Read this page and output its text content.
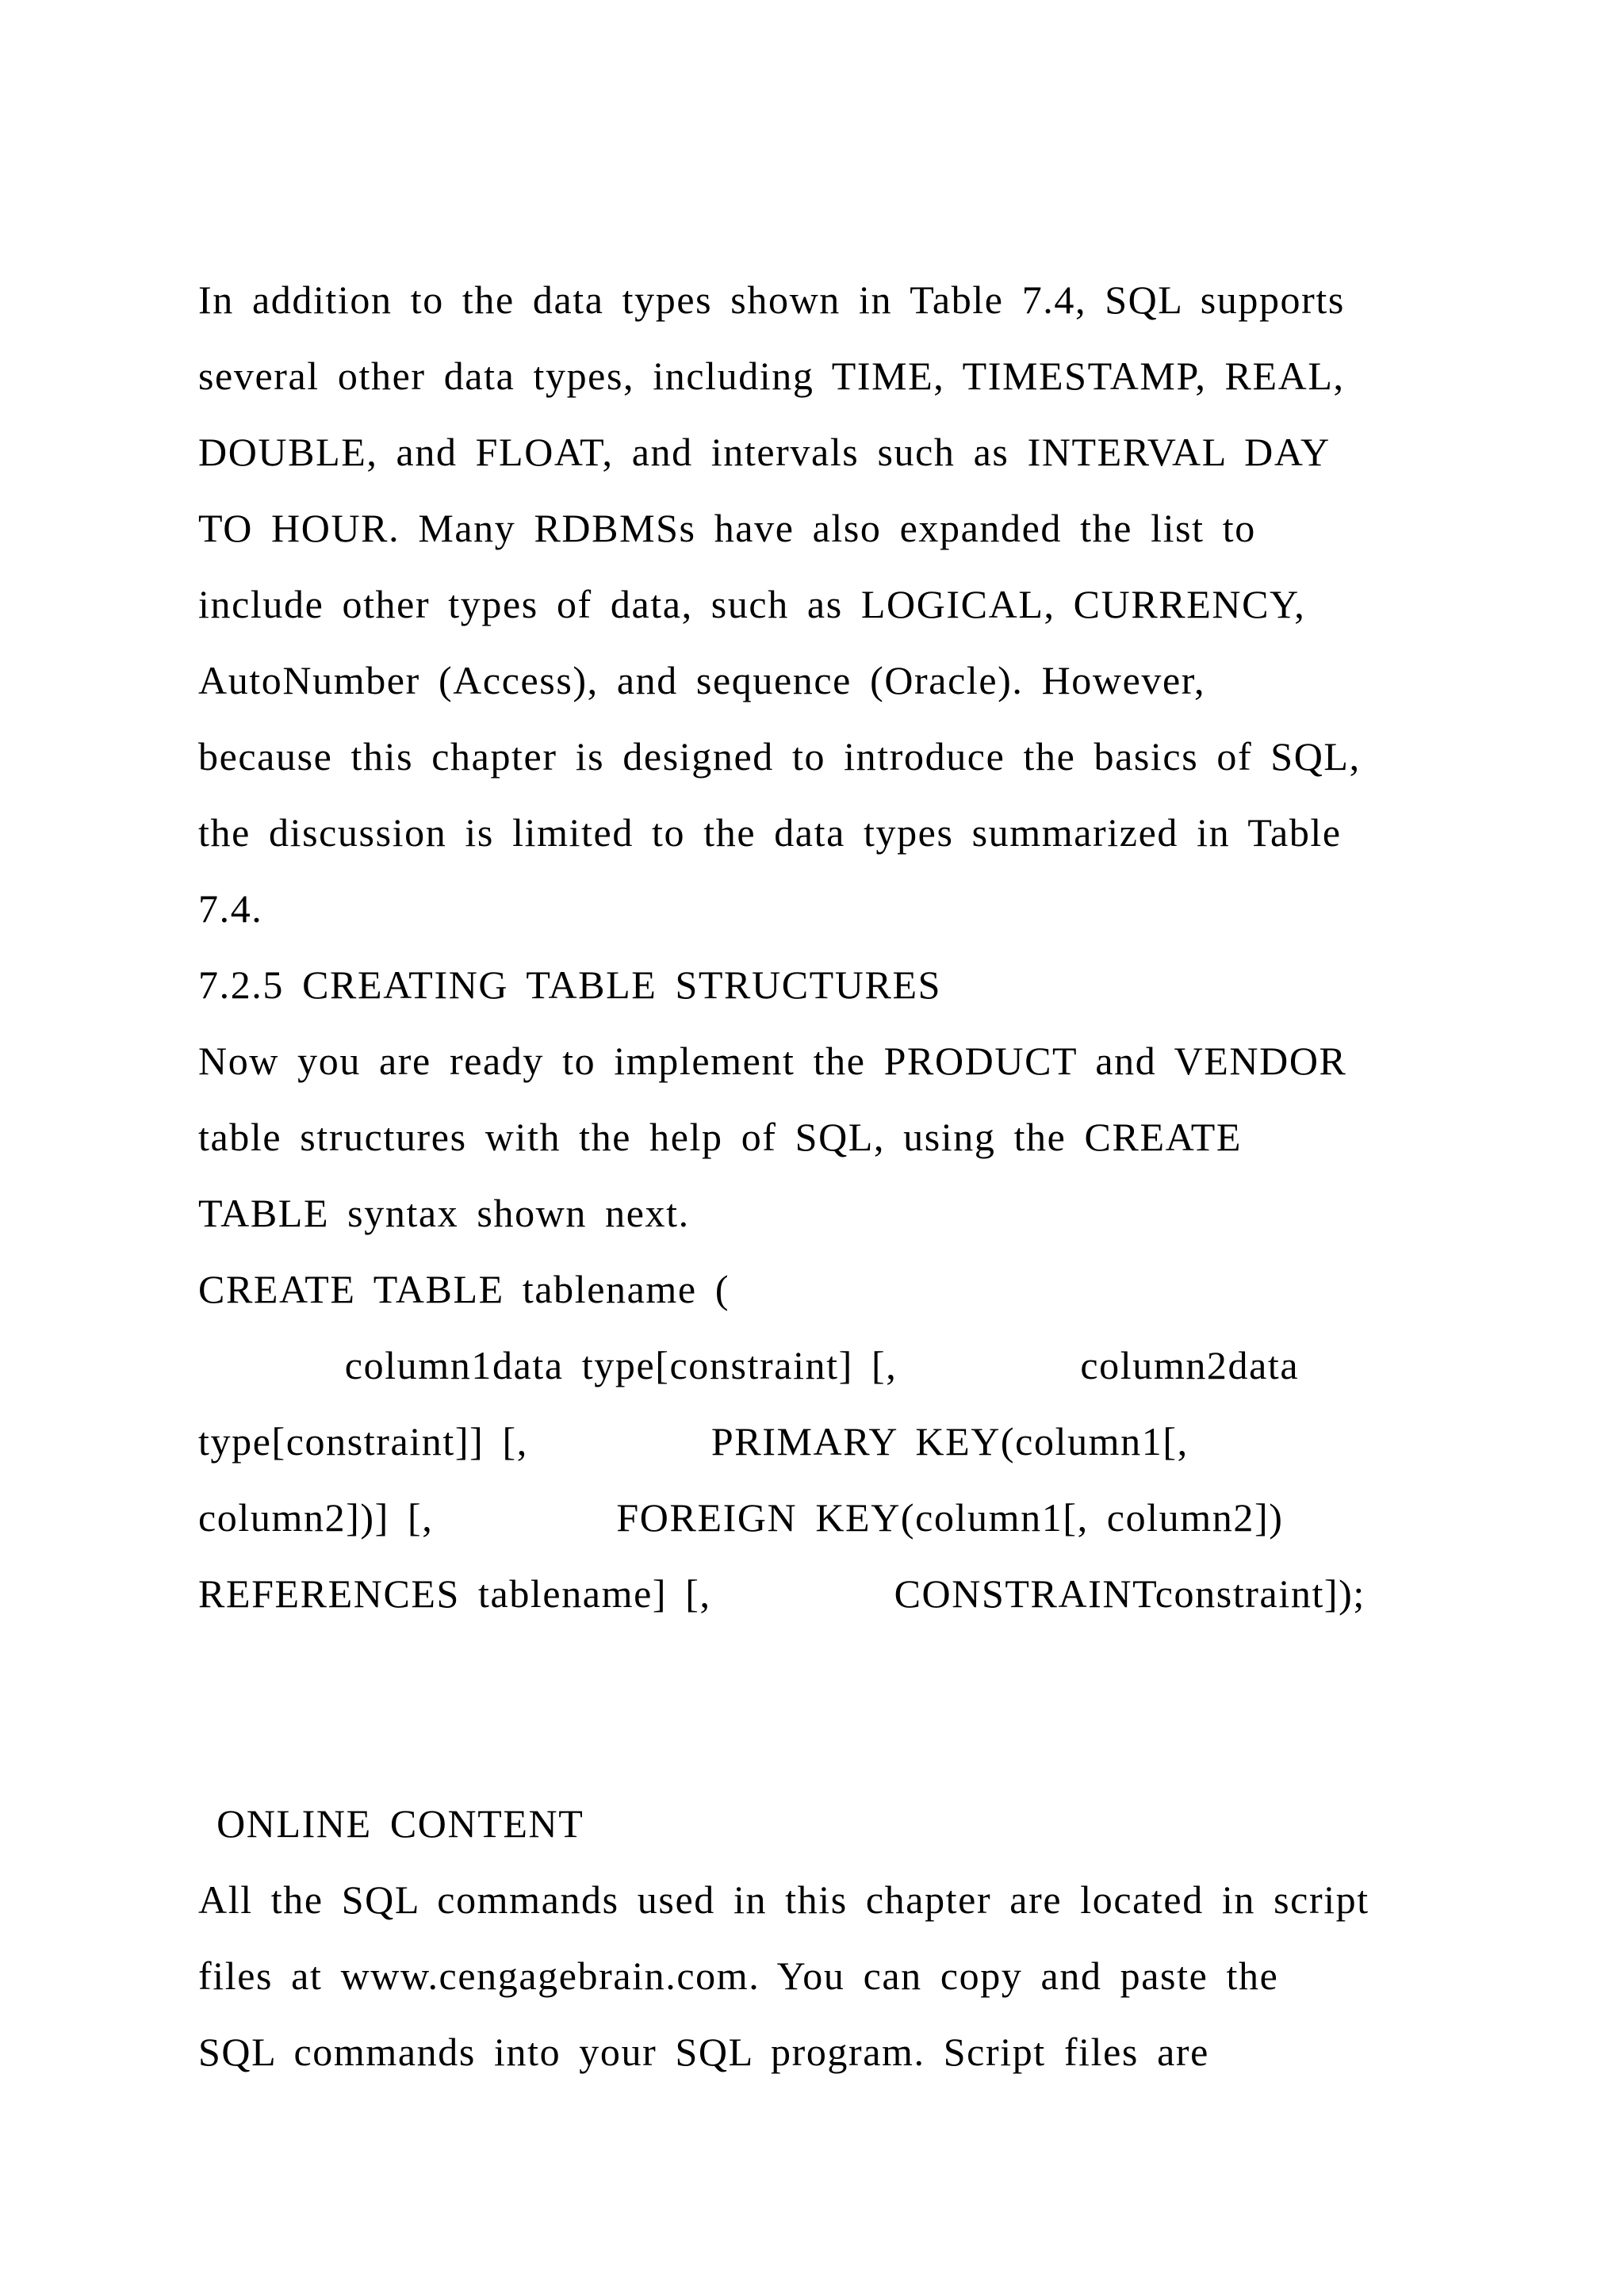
In addition to the data types shown in Table 7.4, SQL supports

several other data types, including TIME, TIMESTAMP, REAL,

DOUBLE, and FLOAT, and intervals such as INTERVAL DAY

TO HOUR. Many RDBMSs have also expanded the list to

include other types of data, such as LOGICAL, CURRENCY,

AutoNumber (Access), and sequence (Oracle). However,

because this chapter is designed to introduce the basics of SQL,

the discussion is limited to the data types summarized in Table

7.4.

7.2.5 CREATING TABLE STRUCTURES

Now you are ready to implement the PRODUCT and VENDOR

table structures with the help of SQL, using the CREATE

TABLE syntax shown next.

CREATE TABLE tablename (

column1data type[constraint] [,          column2data

type[constraint]] [,          PRIMARY KEY(column1[,

column2])] [,          FOREIGN KEY(column1[, column2])

REFERENCES tablename] [,          CONSTRAINTconstraint]);

ONLINE CONTENT

All the SQL commands used in this chapter are located in script

files at www.cengagebrain.com. You can copy and paste the

SQL commands into your SQL program. Script files are
